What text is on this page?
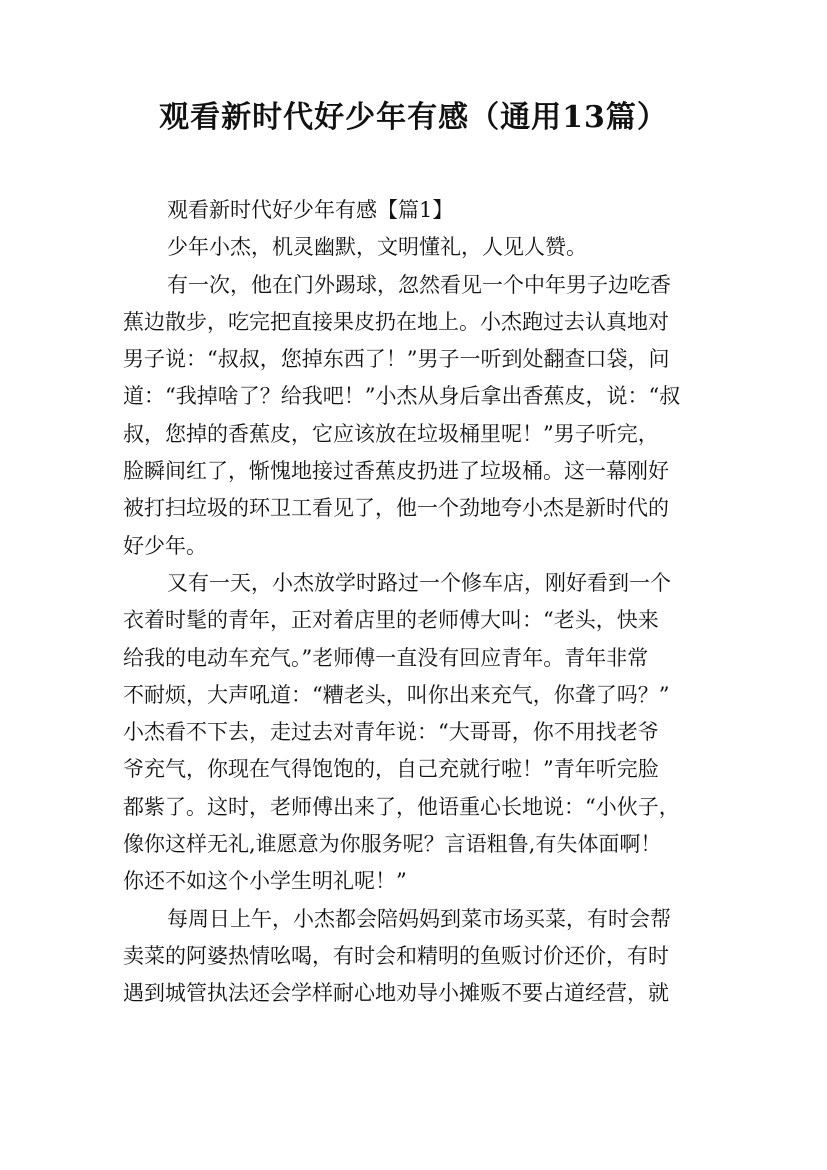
观看新时代好少年有感（通用13篇）
观看新时代好少年有感【篇1】
少年小杰，机灵幽默，文明懂礼，人见人赞。
有一次，他在门外踢球，忽然看见一个中年男子边吃香
蕉边散步，吃完把直接果皮扔在地上。小杰跑过去认真地对
男子说：“叔叔，您掉东西了！”男子一听到处翻查口袋，问
道：“我掉啥了？给我吧！”小杰从身后拿出香蕉皮，说：“叔
叔，您掉的香蕉皮，它应该放在垃圾桶里呢！”男子听完，
脸瞬间红了，惭愧地接过香蕉皮扔进了垃圾桶。这一幕刚好
被打扫垃圾的环卫工看见了，他一个劲地夸小杰是新时代的
好少年。
又有一天，小杰放学时路过一个修车店，刚好看到一个
衣着时髦的青年，正对着店里的老师傅大叫：“老头，快来
给我的电动车充气。”老师傅一直没有回应青年。青年非常
不耐烦，大声吼道：“糟老头，叫你出来充气，你聋了吗？”
小杰看不下去，走过去对青年说：“大哥哥，你不用找老爷
爷充气，你现在气得饱饱的，自己充就行啦！”青年听完脸
都紫了。这时，老师傅出来了，他语重心长地说：“小伙子，
像你这样无礼,谁愿意为你服务呢？言语粗鲁,有失体面啊！
你还不如这个小学生明礼呢！”
每周日上午，小杰都会陪妈妈到菜市场买菜，有时会帮
卖菜的阿婆热情吆喝，有时会和精明的鱼贩讨价还价，有时
遇到城管执法还会学样耐心地劝导小摊贩不要占道经营，就
